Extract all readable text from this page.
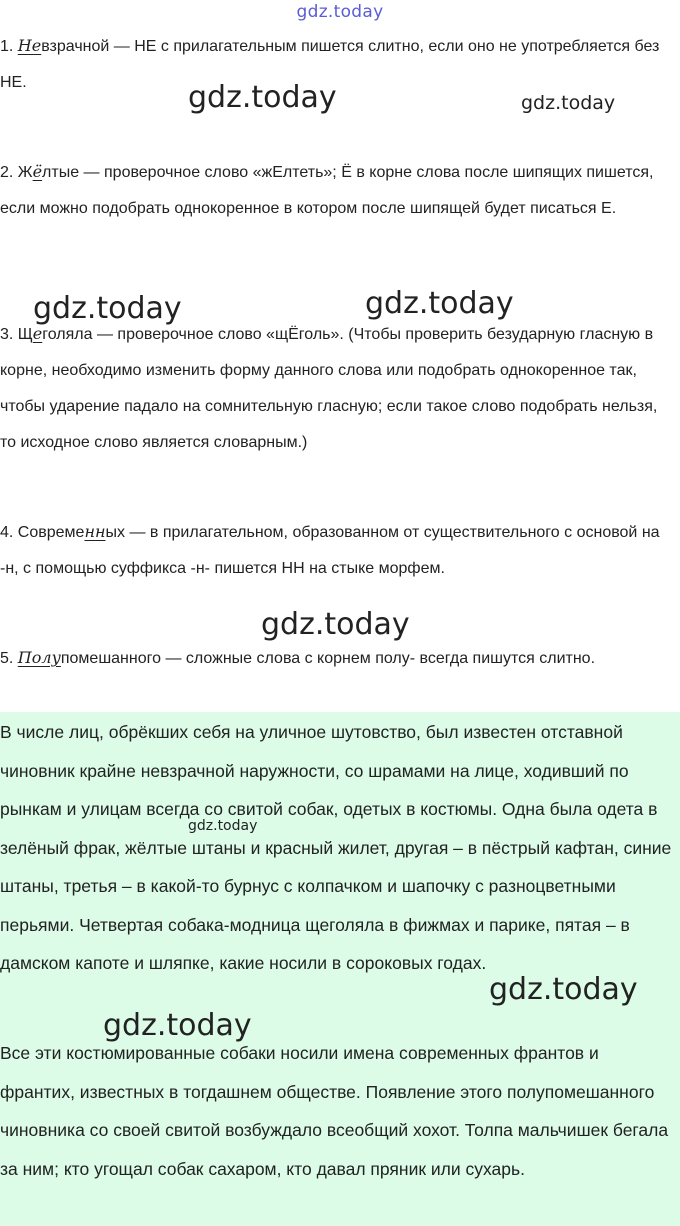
gdz.today
1. Невзрачной — НЕ с прилагательным пишется слитно, если оно не употребляется без НЕ.
2. Жёлтые — проверочное слово «жЕлтеть»; Ё в корне слова после шипящих пишется, если можно подобрать однокоренное в котором после шипящей будет писаться Е.
3. Щеголяла — проверочное слово «щЁголь». (Чтобы проверить безударную гласную в корне, необходимо изменить форму данного слова или подобрать однокоренное так, чтобы ударение падало на сомнительную гласную; если такое слово подобрать нельзя, то исходное слово является словарным.)
4. Современных — в прилагательном, образованном от существительного с основой на -н, с помощью суффикса -н- пишется НН на стыке морфем.
5. Полупомешанного — сложные слова с корнем полу- всегда пишутся слитно.
В числе лиц, обрёкших себя на уличное шутовство, был известен отставной чиновник крайне невзрачной наружности, со шрамами на лице, ходивший по рынкам и улицам всегда со свитой собак, одетых в костюмы. Одна была одета в зелёный фрак, жёлтые штаны и красный жилет, другая – в пёстрый кафтан, синие штаны, третья – в какой-то бурнус с колпачком и шапочку с разноцветными перьями. Четвертая собака-модница щеголяла в фижмах и парике, пятая – в дамском капоте и шляпке, какие носили в сороковых годах.
Все эти костюмированные собаки носили имена современных франтов и франтих, известных в тогдашнем обществе. Появление этого полупомешанного чиновника со своей свитой возбуждало всеобщий хохот. Толпа мальчишек бегала за ним; кто угощал собак сахаром, кто давал пряник или сухарь.
gdz.today	gdz.today
gdz.today	gdz.today
gdz.today
gdz.today
gdz.today
gdz.today
